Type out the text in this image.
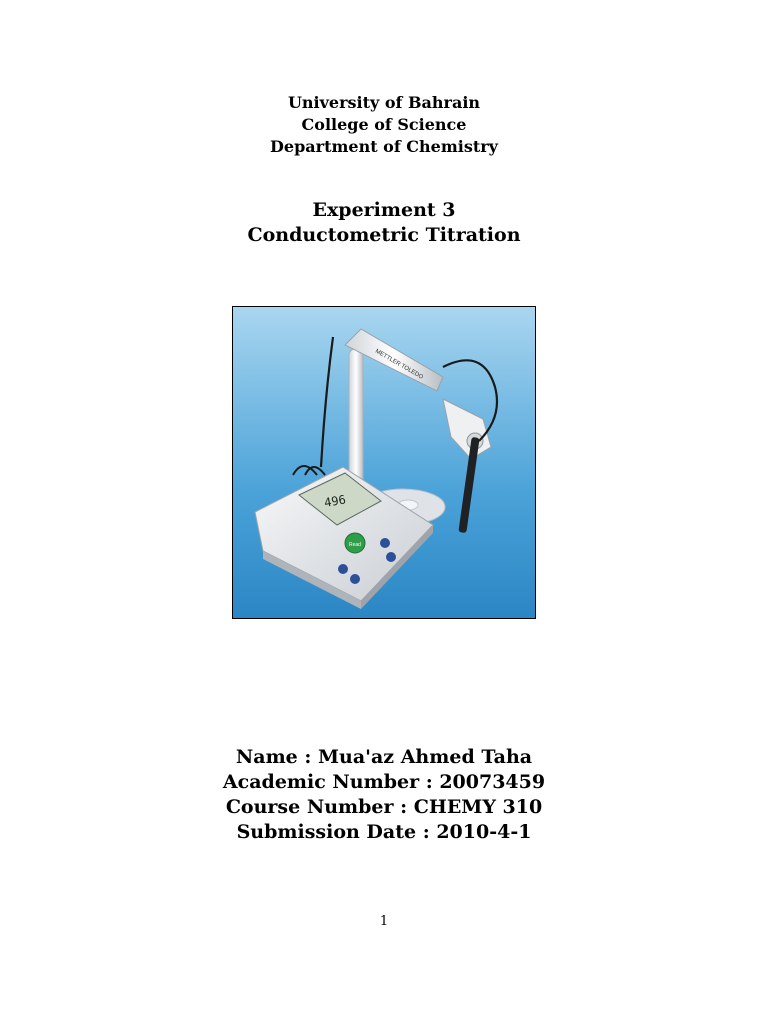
University of Bahrain
College of Science
Department of Chemistry
Experiment 3
Conductometric Titration
METTLER TOLEDO
496
Read
Name : Mua'az Ahmed Taha
Academic Number : 20073459
Course Number : CHEMY 310
Submission Date : 2010-4-1
1
